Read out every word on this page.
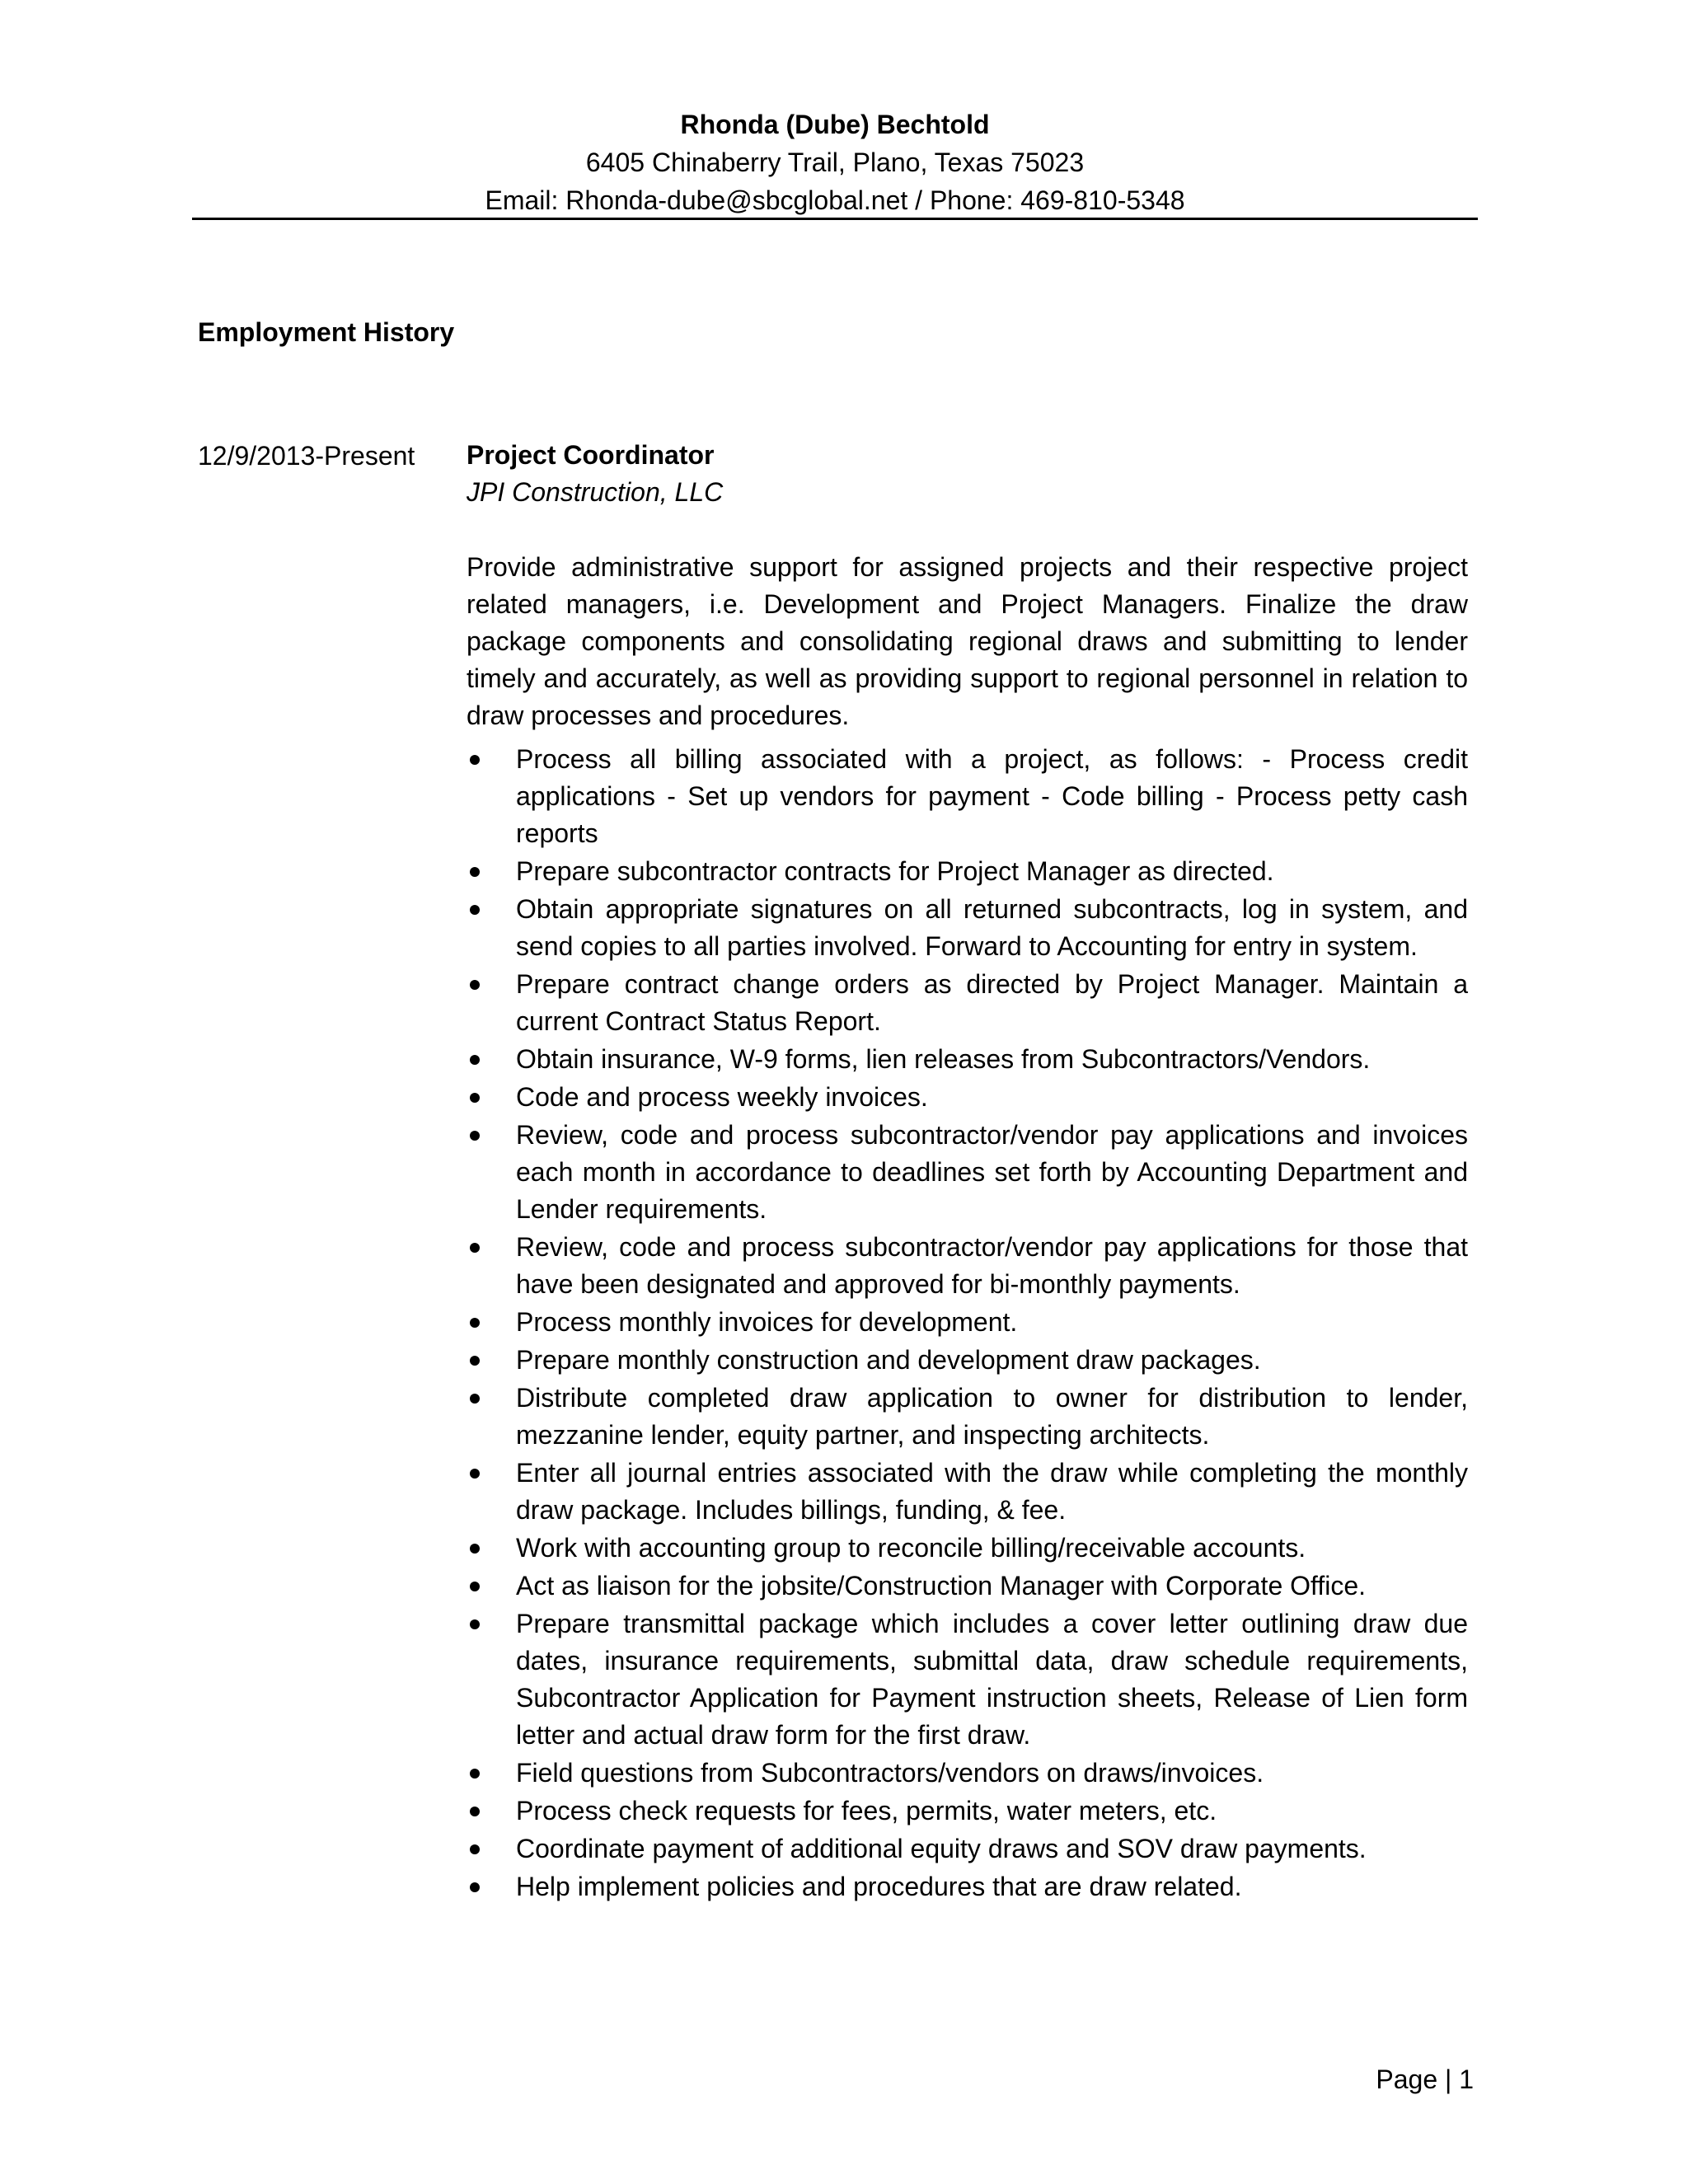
Rhonda (Dube) Bechtold
6405 Chinaberry Trail, Plano, Texas 75023
Email: Rhonda-dube@sbcglobal.net / Phone: 469-810-5348
Employment History
12/9/2013-Present Project Coordinator
JPI Construction, LLC
Provide administrative support for assigned projects and their respective project related managers, i.e. Development and Project Managers. Finalize the draw package components and consolidating regional draws and submitting to lender timely and accurately, as well as providing support to regional personnel in relation to draw processes and procedures.
Process all billing associated with a project, as follows: - Process credit applications - Set up vendors for payment - Code billing - Process petty cash reports
Prepare subcontractor contracts for Project Manager as directed.
Obtain appropriate signatures on all returned subcontracts, log in system, and send copies to all parties involved. Forward to Accounting for entry in system.
Prepare contract change orders as directed by Project Manager. Maintain a current Contract Status Report.
Obtain insurance, W-9 forms, lien releases from Subcontractors/Vendors.
Code and process weekly invoices.
Review, code and process subcontractor/vendor pay applications and invoices each month in accordance to deadlines set forth by Accounting Department and Lender requirements.
Review, code and process subcontractor/vendor pay applications for those that have been designated and approved for bi-monthly payments.
Process monthly invoices for development.
Prepare monthly construction and development draw packages.
Distribute completed draw application to owner for distribution to lender, mezzanine lender, equity partner, and inspecting architects.
Enter all journal entries associated with the draw while completing the monthly draw package. Includes billings, funding, & fee.
Work with accounting group to reconcile billing/receivable accounts.
Act as liaison for the jobsite/Construction Manager with Corporate Office.
Prepare transmittal package which includes a cover letter outlining draw due dates, insurance requirements, submittal data, draw schedule requirements, Subcontractor Application for Payment instruction sheets, Release of Lien form letter and actual draw form for the first draw.
Field questions from Subcontractors/vendors on draws/invoices.
Process check requests for fees, permits, water meters, etc.
Coordinate payment of additional equity draws and SOV draw payments.
Help implement policies and procedures that are draw related.
Page | 1
